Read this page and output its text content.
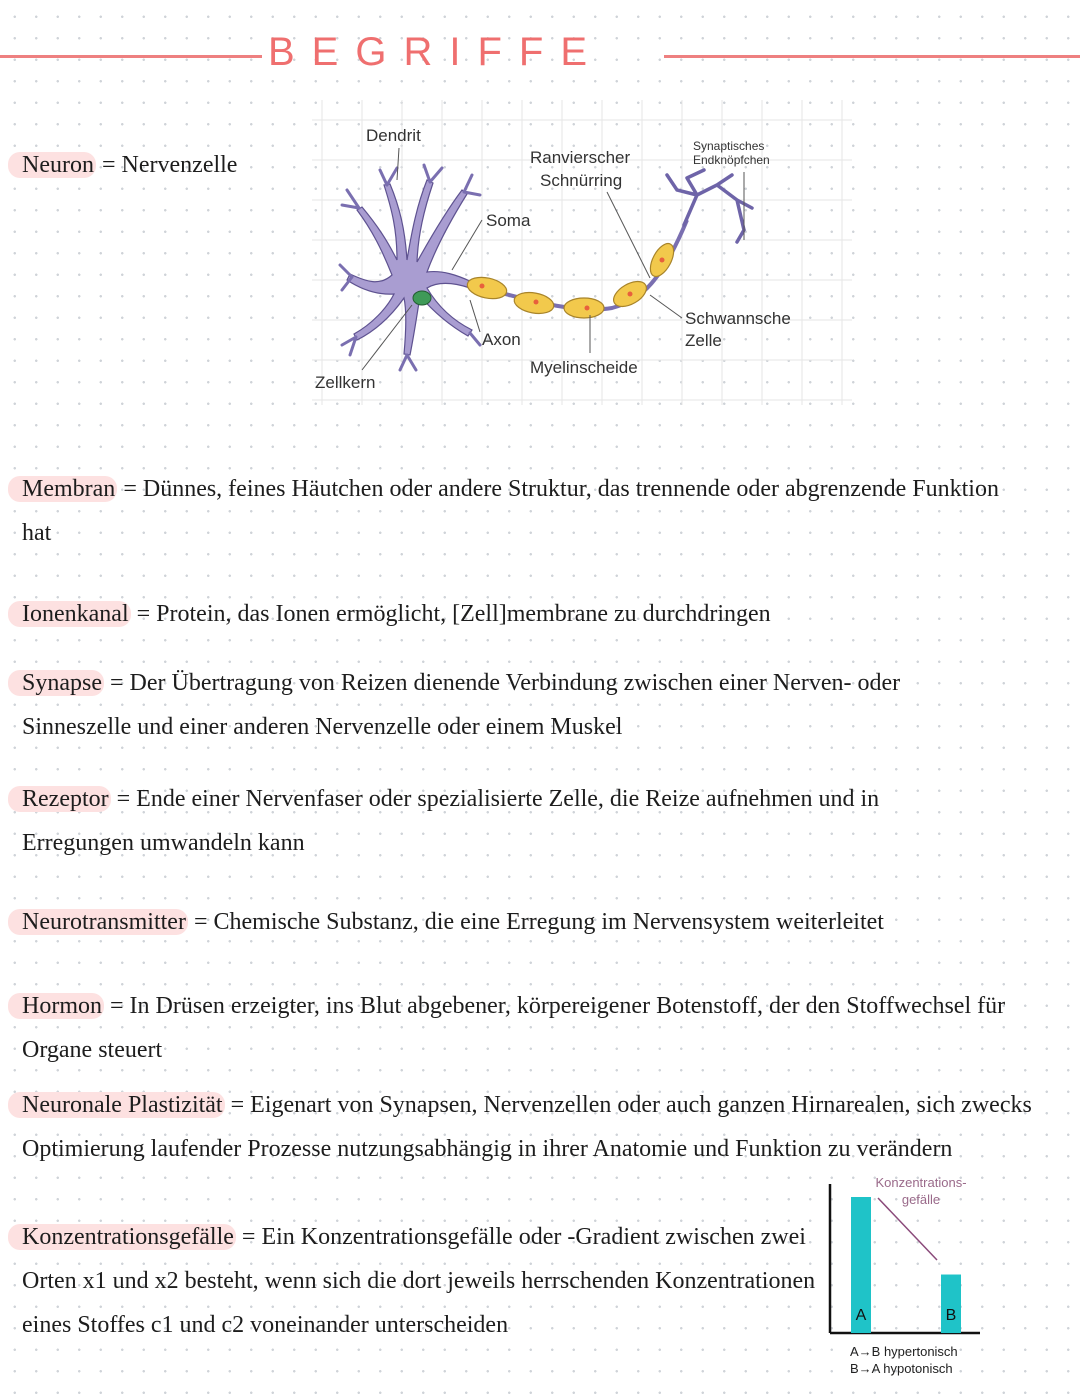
BEGRIFFE
Neuron = Nervenzelle
Dendrit
Ranvierscher
Schnürring
Synaptisches
Endknöpfchen
Soma
Schwannsche
Zelle
Axon
Myelinscheide
Zellkern
Membran = Dünnes, feines Häutchen oder andere Struktur, das trennende oder abgrenzende Funktion hat
Ionenkanal = Protein, das Ionen ermöglicht, [Zell]membrane zu durchdringen
Synapse = Der Übertragung von Reizen dienende Verbindung zwischen einer Nerven- oder Sinneszelle und einer anderen Nervenzelle oder einem Muskel
Rezeptor = Ende einer Nervenfaser oder spezialisierte Zelle, die Reize aufnehmen und in Erregungen umwandeln kann
Neurotransmitter = Chemische Substanz, die eine Erregung im Nervensystem weiterleitet
Hormon = In Drüsen erzeigter, ins Blut abgebener, körpereigener Botenstoff, der den Stoffwechsel für Organe steuert
Neuronale Plastizität = Eigenart von Synapsen, Nervenzellen oder auch ganzen Hirnarealen, sich zwecks Optimierung laufender Prozesse nutzungsabhängig in ihrer Anatomie und Funktion zu verändern
Konzentrationsgefälle = Ein Konzentrationsgefälle oder -Gradient zwischen zwei Orten x1 und x2 besteht, wenn sich die dort jeweils herrschenden Konzentrationen eines Stoffes c1 und c2 voneinander unterscheiden
Konzentrations-
gefälle
A	B
A→B hypertonisch
B→A hypotonisch
